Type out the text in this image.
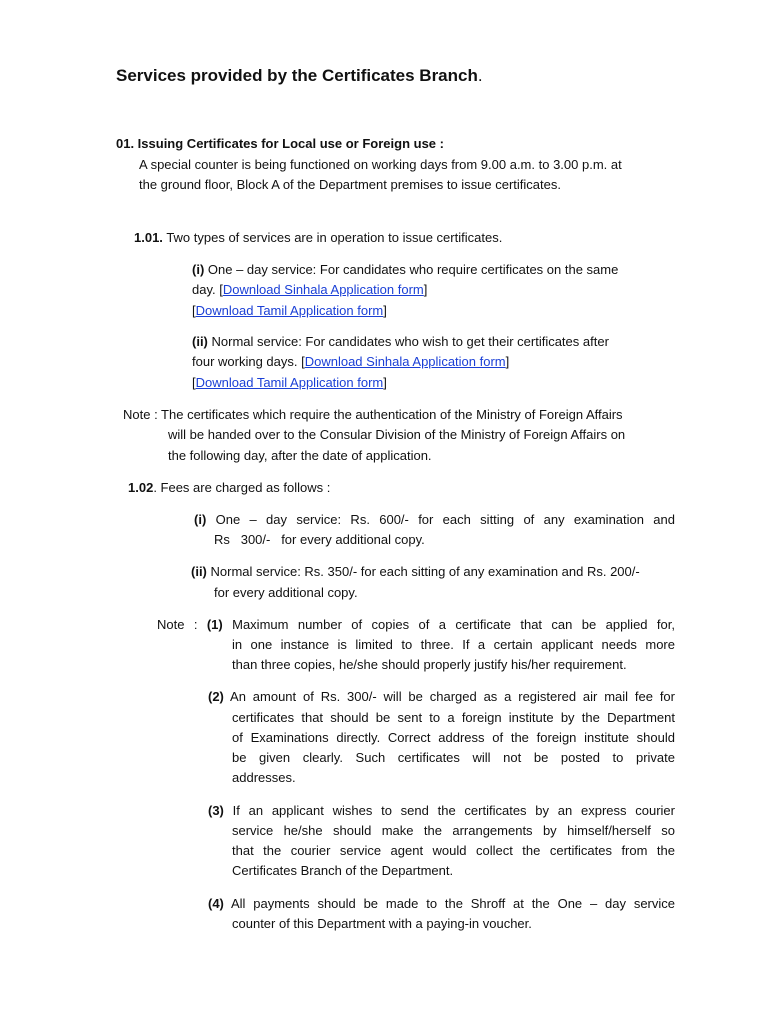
Services provided by the Certificates Branch.
01. Issuing Certificates for Local use or Foreign use :
A special counter is being functioned on working days from 9.00 a.m. to 3.00 p.m. at
the ground floor, Block A of the Department premises to issue certificates.
1.01. Two types of services are in operation to issue certificates.
(i) One – day service: For candidates who require certificates on the same
day. [Download Sinhala Application form]
[Download Tamil Application form]
(ii) Normal service: For candidates who wish to get their certificates after
four working days. [Download Sinhala Application form]
[Download Tamil Application form]
Note : The certificates which require the authentication of the Ministry of Foreign Affairs
will be handed over to the Consular Division of the Ministry of Foreign Affairs on
the following day, after the date of application.
1.02. Fees are charged as follows :
(i) One – day service: Rs. 600/- for each sitting of any examination and
Rs   300/-   for every additional copy.
(ii) Normal service: Rs. 350/- for each sitting of any examination and Rs. 200/-
for every additional copy.
Note : (1) Maximum number of copies of a certificate that can be applied for,
in one instance is limited to three. If a certain applicant needs more
than three copies, he/she should properly justify his/her requirement.
(2) An amount of Rs. 300/- will be charged as a registered air mail fee for
certificates that should be sent to a foreign institute by the Department
of Examinations directly. Correct address of the foreign institute should
be given clearly. Such certificates will not be posted to private
addresses.
(3) If an applicant wishes to send the certificates by an express courier
service he/she should make the arrangements by himself/herself so
that the courier service agent would collect the certificates from the
Certificates Branch of the Department.
(4) All payments should be made to the Shroff at the One – day service
counter of this Department with a paying-in voucher.
